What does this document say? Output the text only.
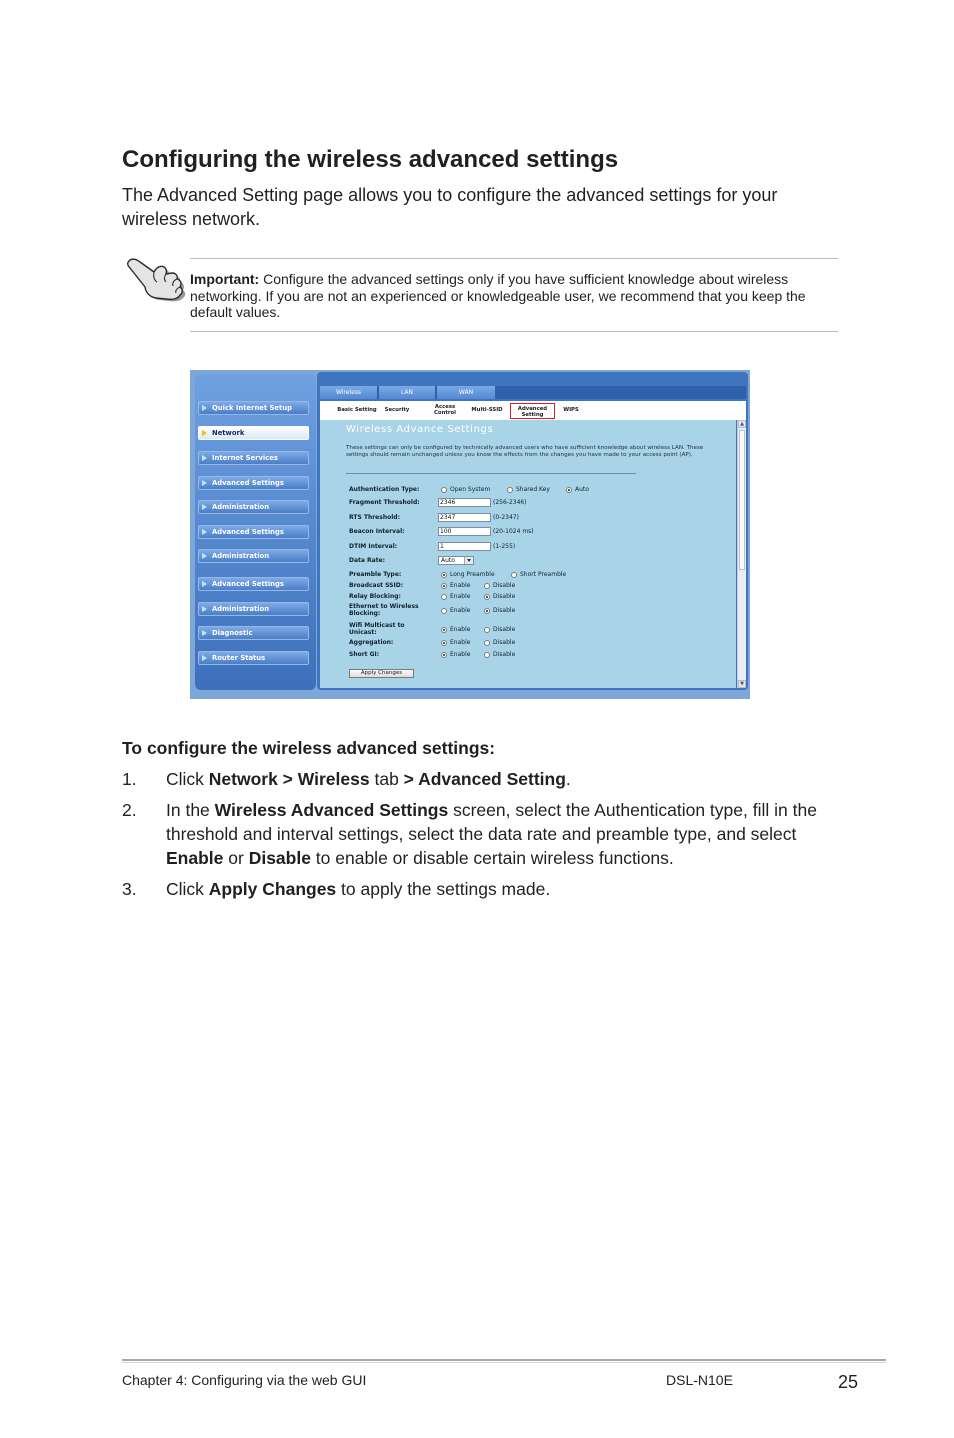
Configuring the wireless advanced settings

The Advanced Setting page allows you to configure the advanced settings for your wireless network.

Important: Configure the advanced settings only if you have sufficient knowledge about wireless networking. If you are not an experienced or knowledgeable user, we recommend that you keep the default values.

Quick Internet Setup
Network
Internet Services
Advanced Settings
Administration
Advanced Settings
Administration
Advanced Settings
Administration
Diagnostic
Router Status
Wireless	LAN	WAN
Basic Setting	Security	Access Control	Multi-SSID	Advanced Setting
WIPS
Wireless Advance Settings
These settings can only be configured by technically advanced users who have sufficient knowledge about wireless LAN. These settings should remain unchanged unless you know the effects from the changes you have made to your access point (AP).
Authentication Type:	Open System	Shared Key	Auto
Fragment Threshold:
2346	(256-2346)
RTS Threshold:
2347	(0-2347)
Beacon Interval:
100	(20-1024 ms)
DTIM Interval:
1	(1-255)
Data Rate:	Auto
Preamble Type:	Long Preamble	Short Preamble
Broadcast SSID:	Enable	Disable
Relay Blocking:	Enable	Disable
Ethernet to Wireless Blocking:	Enable	Disable
Wifi Multicast to Unicast:	Enable	Disable
Aggregation:	Enable	Disable
Short GI:	Enable	Disable
Apply Changes
▲
▼
To configure the wireless advanced settings:
1. Click Network > Wireless tab > Advanced Setting.
2. In the Wireless Advanced Settings screen, select the Authentication type, fill in the threshold and interval settings, select the data rate and preamble type, and select Enable or Disable to enable or disable certain wireless functions.
3. Click Apply Changes to apply the settings made.
Chapter 4: Configuring via the web GUI	DSL-N10E	25
